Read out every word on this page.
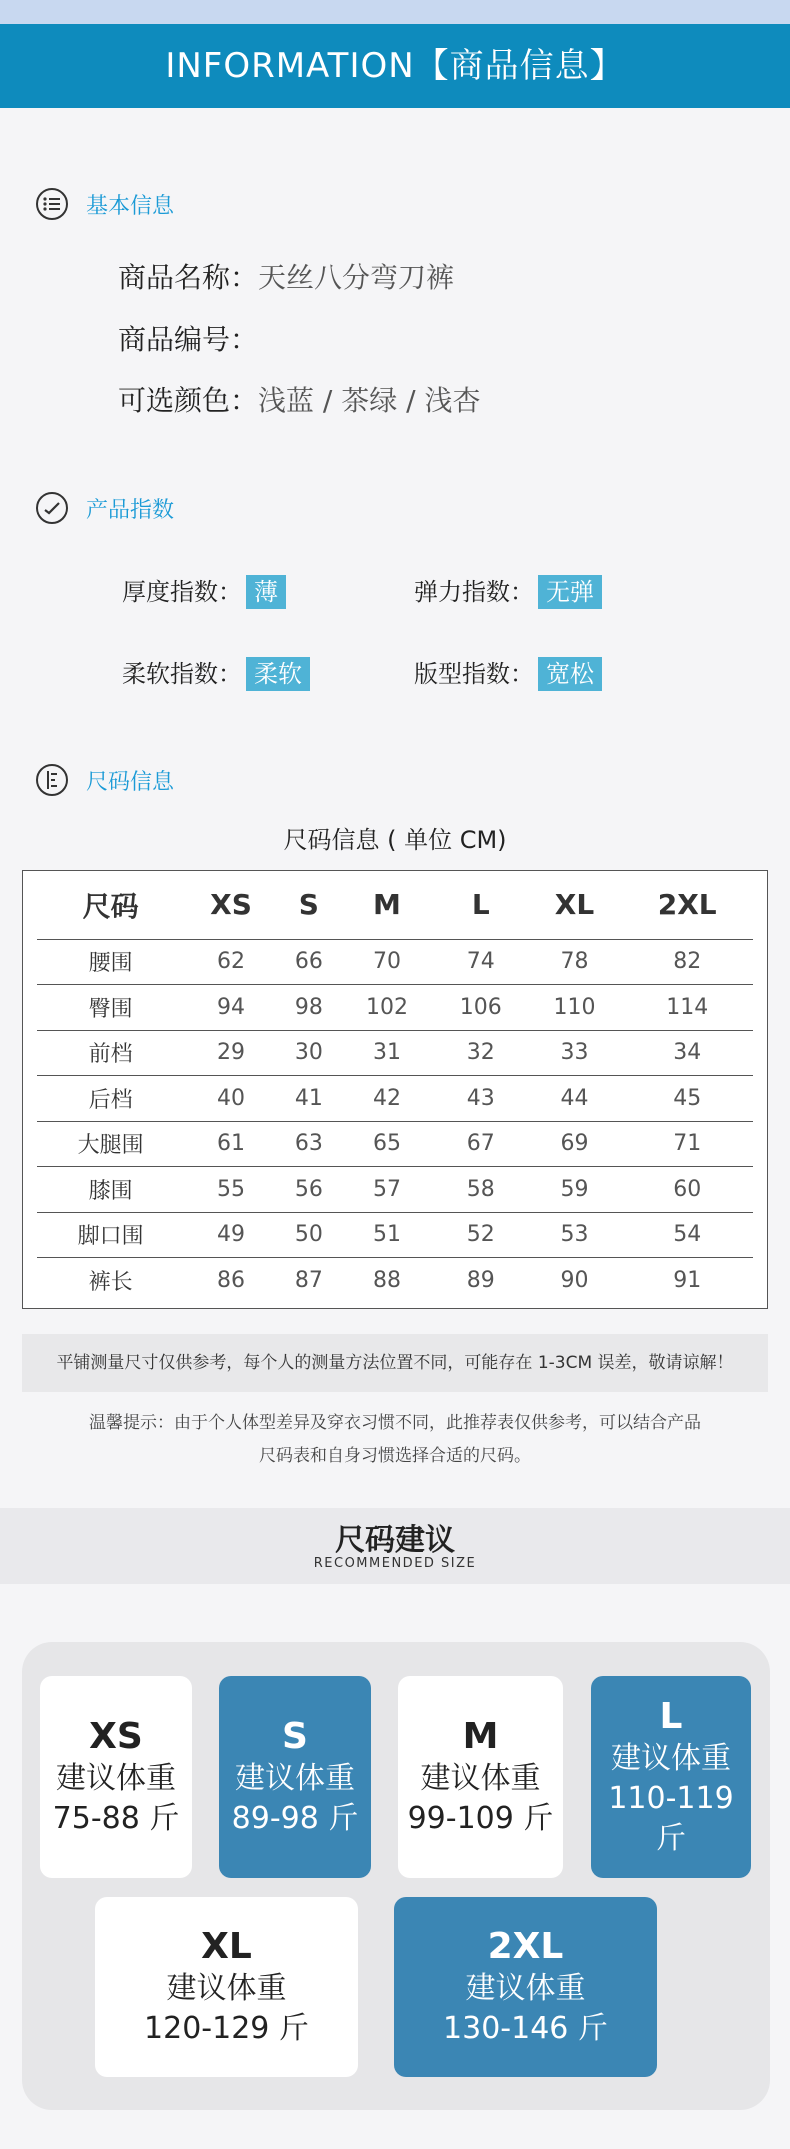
INFORMATION【商品信息】
基本信息
商品名称：天丝八分弯刀裤
商品编号：
可选颜色：浅蓝 / 茶绿 / 浅杏
产品指数
厚度指数： 薄	弹力指数： 无弹
柔软指数： 柔软	版型指数： 宽松
尺码信息
尺码信息 ( 单位 CM)
尺码	XS	S	M	L	XL	2XL
腰围	62	66	70	74	78	82
臀围	94	98	102	106	110	114
前档	29	30	31	32	33	34
后档	40	41	42	43	44	45
大腿围	61	63	65	67	69	71
膝围	55	56	57	58	59	60
脚口围	49	50	51	52	53	54
裤长	86	87	88	89	90	91
平铺测量尺寸仅供参考，每个人的测量方法位置不同，可能存在 1-3CM 误差，敬请谅解！
温馨提示：由于个人体型差异及穿衣习惯不同，此推荐表仅供参考，可以结合产品
尺码表和自身习惯选择合适的尺码。
尺码建议
RECOMMENDED SIZE
XS
建议体重
75-88 斤
S
建议体重
89-98 斤
M
建议体重
99-109 斤
L
建议体重
110-119 斤
XL
建议体重
120-129 斤
2XL
建议体重
130-146 斤
